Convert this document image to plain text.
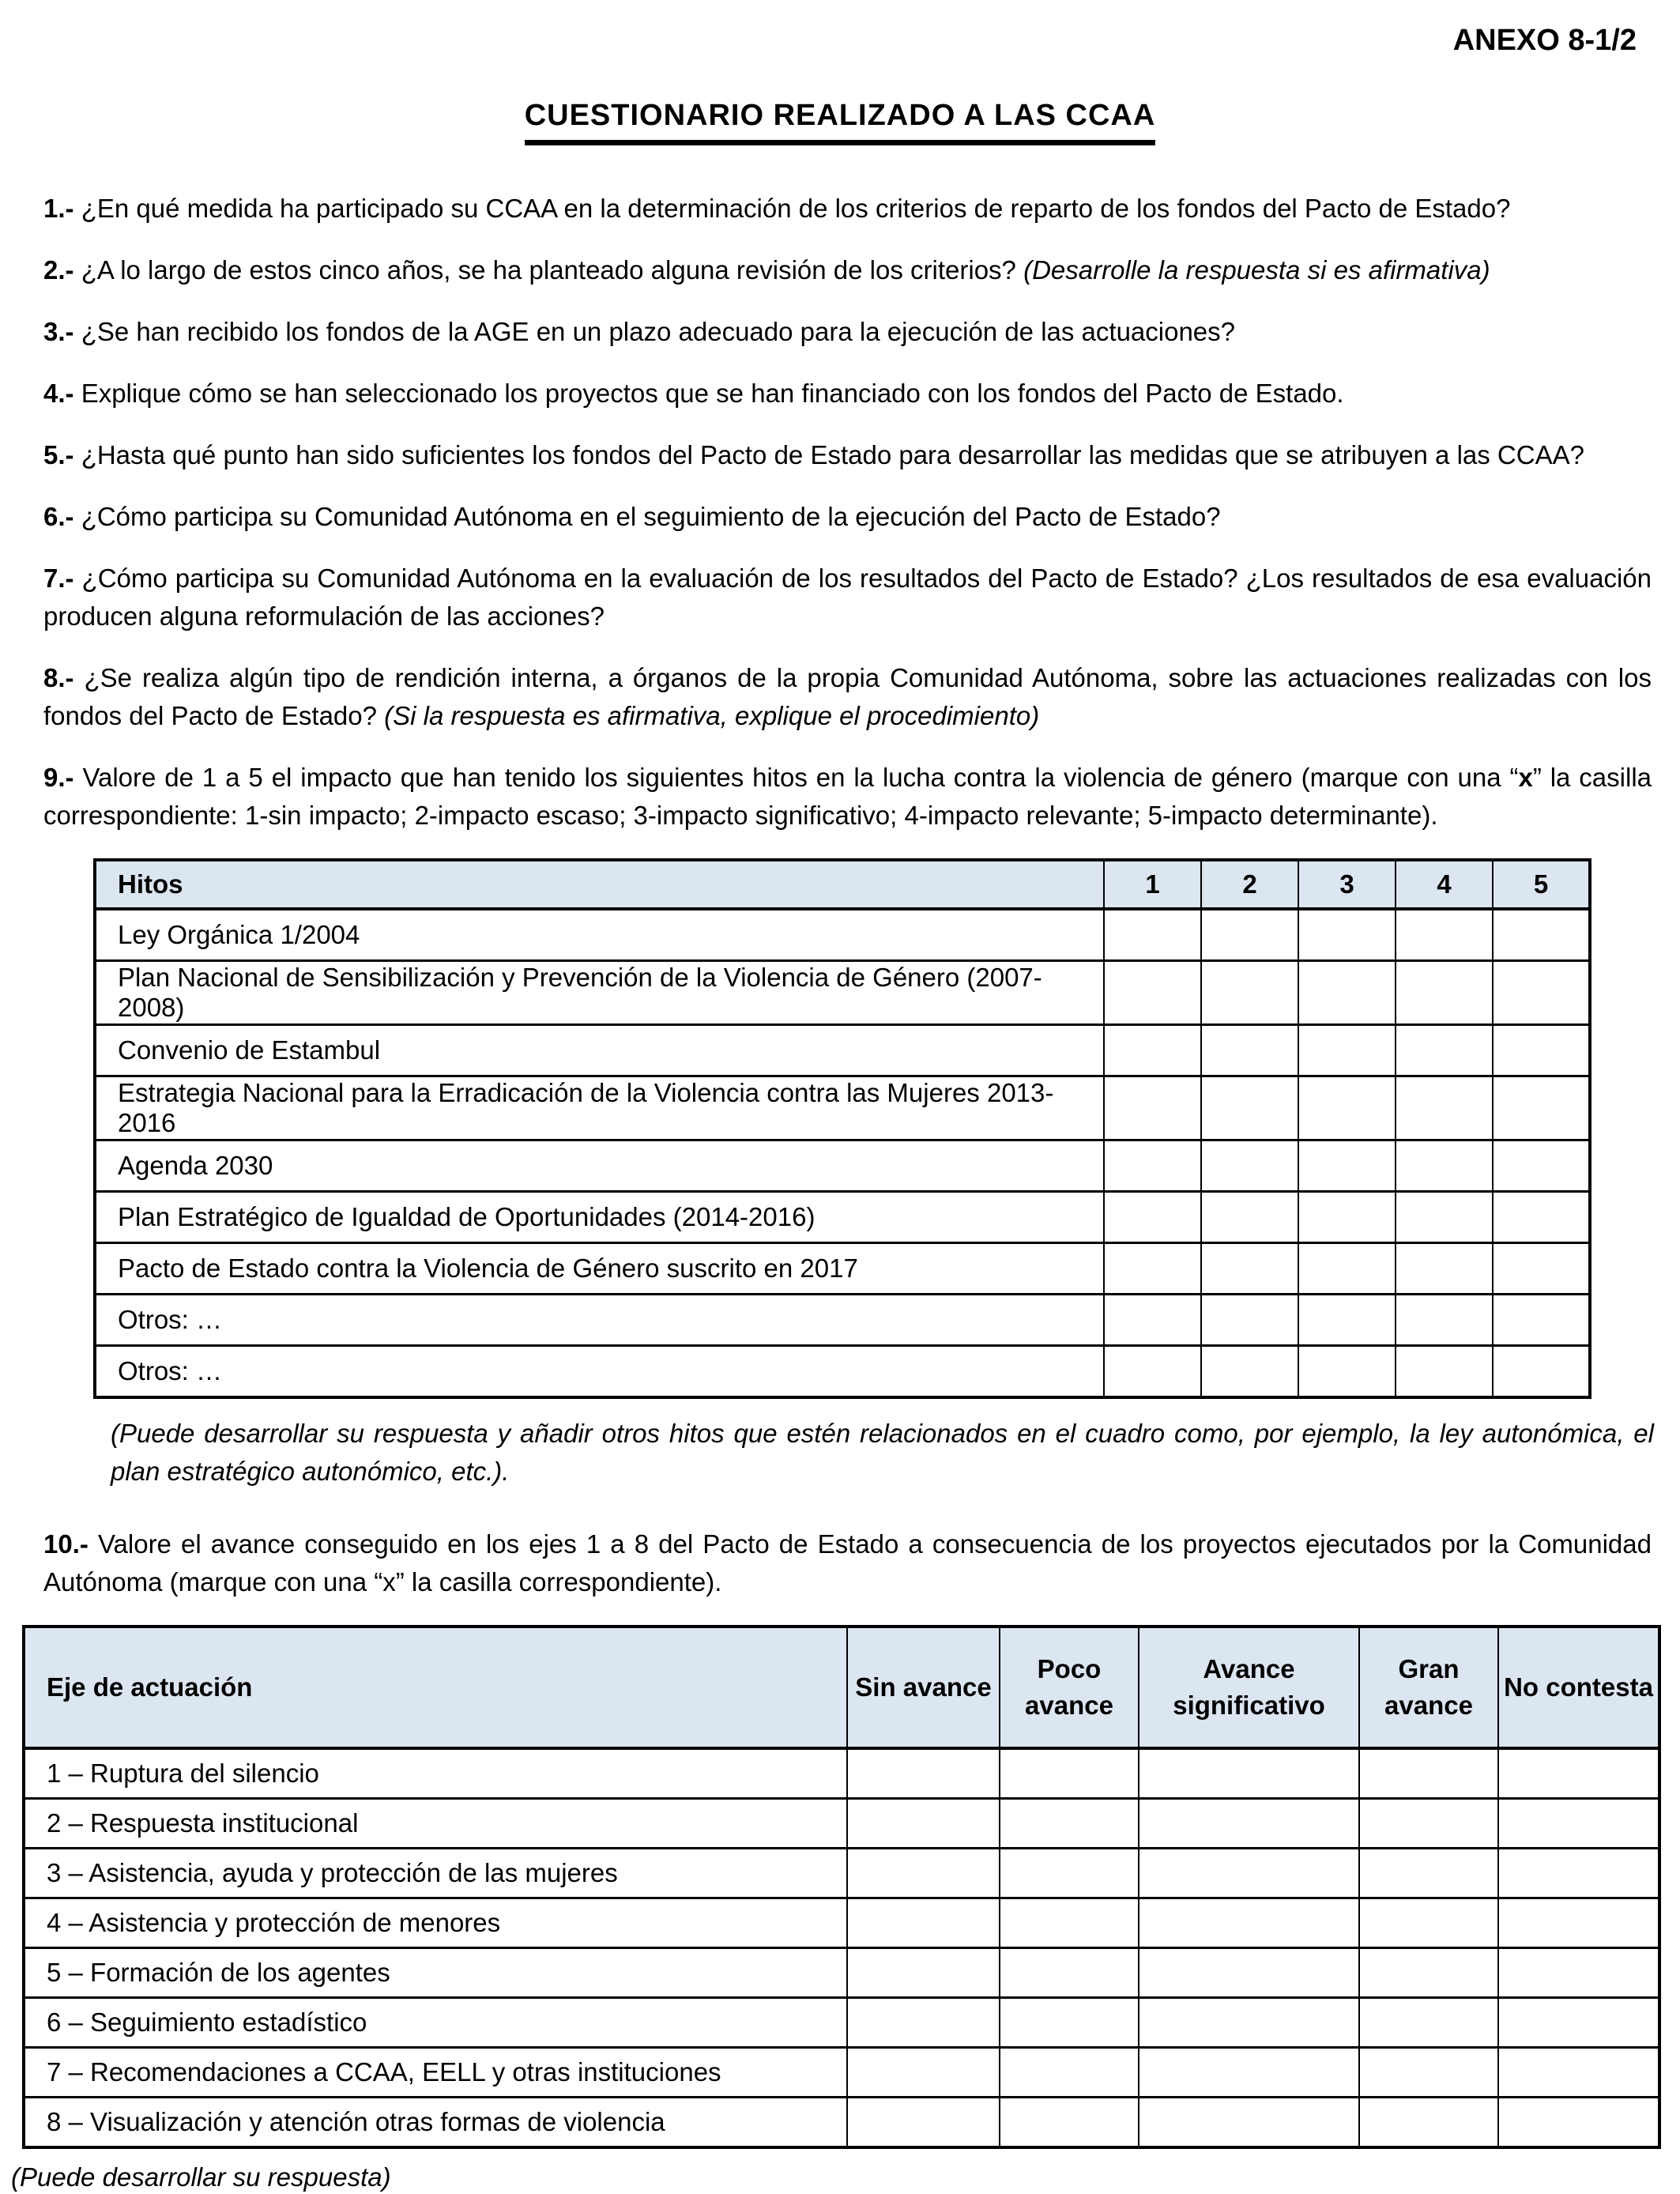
ANEXO 8-1/2
CUESTIONARIO REALIZADO A LAS CCAA

1.- ¿En qué medida ha participado su CCAA en la determinación de los criterios de reparto de los fondos del Pacto de Estado?

2.- ¿A lo largo de estos cinco años, se ha planteado alguna revisión de los criterios? (Desarrolle la respuesta si es afirmativa)

3.- ¿Se han recibido los fondos de la AGE en un plazo adecuado para la ejecución de las actuaciones?

4.- Explique cómo se han seleccionado los proyectos que se han financiado con los fondos del Pacto de Estado.

5.- ¿Hasta qué punto han sido suficientes los fondos del Pacto de Estado para desarrollar las medidas que se atribuyen a las CCAA?

6.- ¿Cómo participa su Comunidad Autónoma en el seguimiento de la ejecución del Pacto de Estado?

7.- ¿Cómo participa su Comunidad Autónoma en la evaluación de los resultados del Pacto de Estado? ¿Los resultados de esa evaluación producen alguna reformulación de las acciones?

8.- ¿Se realiza algún tipo de rendición interna, a órganos de la propia Comunidad Autónoma, sobre las actuaciones realizadas con los fondos del Pacto de Estado? (Si la respuesta es afirmativa, explique el procedimiento)

9.- Valore de 1 a 5 el impacto que han tenido los siguientes hitos en la lucha contra la violencia de género (marque con una “x” la casilla correspondiente: 1-sin impacto; 2-impacto escaso; 3-impacto significativo; 4-impacto relevante; 5-impacto determinante).

Hitos	1	2	3	4	5
Ley Orgánica 1/2004					
Plan Nacional de Sensibilización y Prevención de la Violencia de Género (2007-2008)					
Convenio de Estambul					
Estrategia Nacional para la Erradicación de la Violencia contra las Mujeres 2013-2016					
Agenda 2030					
Plan Estratégico de Igualdad de Oportunidades (2014-2016)					
Pacto de Estado contra la Violencia de Género suscrito en 2017					
Otros: …					
Otros: …					

(Puede desarrollar su respuesta y añadir otros hitos que estén relacionados en el cuadro como, por ejemplo, la ley autonómica, el plan estratégico autonómico, etc.).

10.- Valore el avance conseguido en los ejes 1 a 8 del Pacto de Estado a consecuencia de los proyectos ejecutados por la Comunidad Autónoma (marque con una “x” la casilla correspondiente).

Eje de actuación	Sin avance	Poco avance	Avance significativo	Gran avance	No contesta
1 – Ruptura del silencio					
2 – Respuesta institucional					
3 – Asistencia, ayuda y protección de las mujeres					
4 – Asistencia y protección de menores					
5 – Formación de los agentes					
6 – Seguimiento estadístico					
7 – Recomendaciones a CCAA, EELL y otras instituciones					
8 – Visualización y atención otras formas de violencia					

(Puede desarrollar su respuesta)
